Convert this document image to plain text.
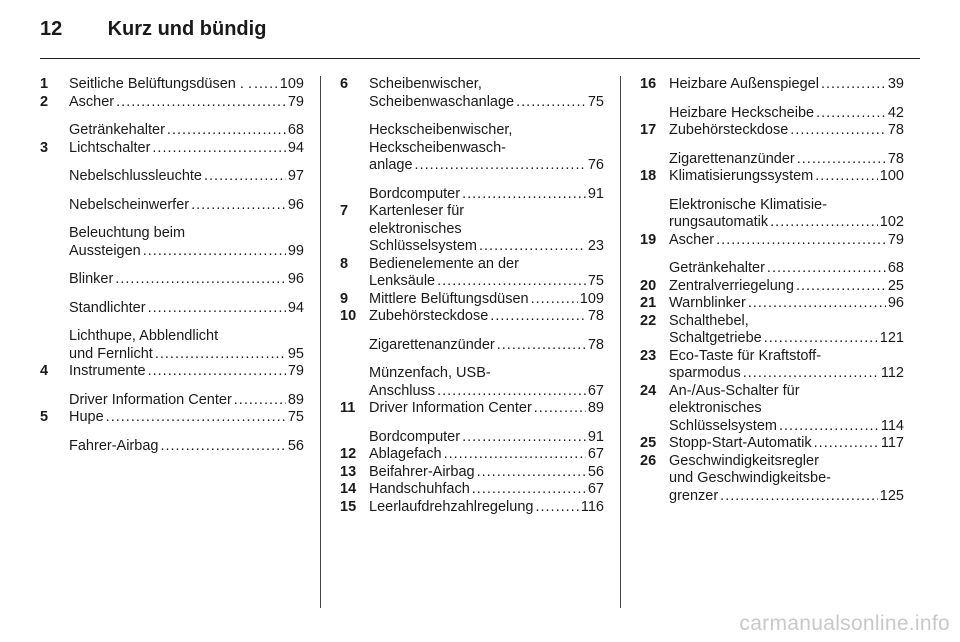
12 Kurz und bündig
1	Seitliche Belüftungsdüsen . . ..... 109
2	Ascher .....	79
Getränkehalter .....	68
3	Lichtschalter .....	94
Nebelschlussleuchte .....	97
Nebelscheinwerfer .....	96
Beleuchtung beim
Aussteigen .....	99
Blinker .....	96
Standlichter .....	94
Lichthupe, Abblendlicht
und Fernlicht .....	95
4	Instrumente .....	79
Driver Information Center .....	89
5	Hupe .....	75
Fahrer-Airbag .....	56
6	Scheibenwischer,
Scheibenwaschanlage .....	75
Heckscheibenwischer,
Heckscheibenwasch-
anlage .....	76
Bordcomputer .....	91
7	Kartenleser für
elektronisches
Schlüsselsystem .....	23
8	Bedienelemente an der
Lenksäule .....	75
9	Mittlere Belüftungsdüsen .....	109
10 Zubehörsteckdose .....	78
Zigarettenanzünder .....	78
Münzenfach, USB-
Anschluss .....	67
11 Driver Information Center .....	89
Bordcomputer .....	91
12 Ablagefach .....	67
13 Beifahrer-Airbag .....	56
14 Handschuhfach .....	67
15 Leerlaufdrehzahlregelung .....	116
16 Heizbare Außenspiegel .....	39
Heizbare Heckscheibe .....	42
17 Zubehörsteckdose .....	78
Zigarettenanzünder .....	78
18 Klimatisierungssystem .....	100
Elektronische Klimatisie-
rungsautomatik .....	102
19 Ascher .....	79
Getränkehalter .....	68
20 Zentralverriegelung .....	25
21 Warnblinker .....	96
22 Schalthebel,
Schaltgetriebe .....	121
23 Eco-Taste für Kraftstoff-
sparmodus .....	112
24 An-/Aus-Schalter für
elektronisches
Schlüsselsystem .....	114
25 Stopp-Start-Automatik .....	117
26 Geschwindigkeitsregler
und Geschwindigkeitsbe-
grenzer .....	125
carmanualsonline.info
